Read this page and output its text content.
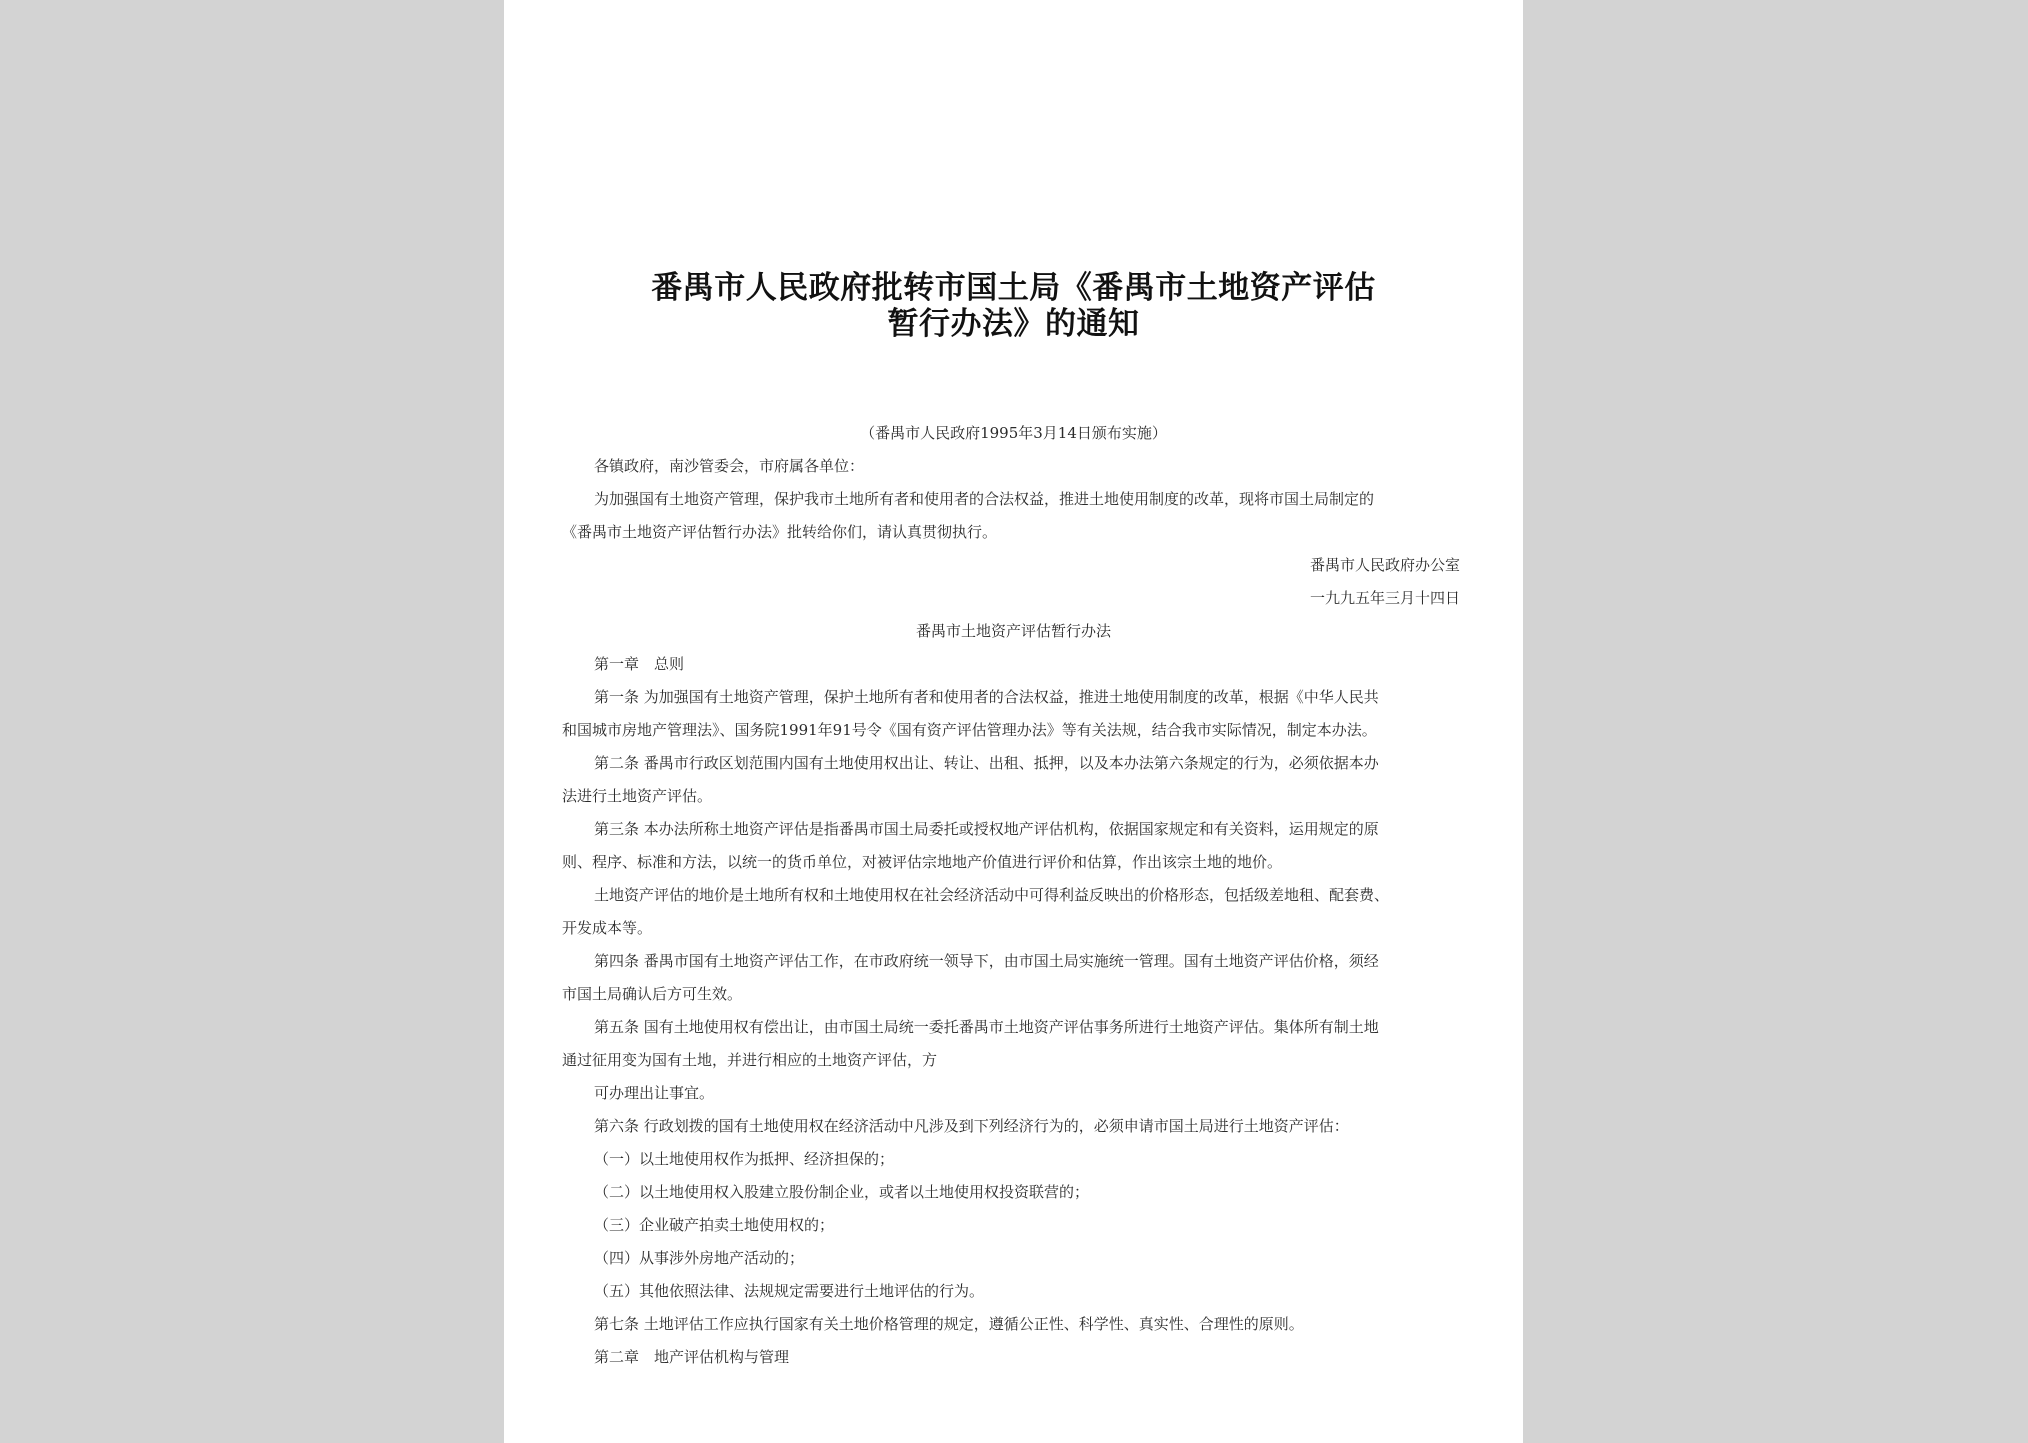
番禺市人民政府批转市国土局《番禺市土地资产评估
暂行办法》的通知
（番禺市人民政府1995年3月14日颁布实施）
各镇政府，南沙管委会，市府属各单位：
为加强国有土地资产管理，保护我市土地所有者和使用者的合法权益，推进土地使用制度的改革，现将市国土局制定的
《番禺市土地资产评估暂行办法》批转给你们，请认真贯彻执行。
番禺市人民政府办公室
一九九五年三月十四日
番禺市土地资产评估暂行办法
第一章　总则
第一条 为加强国有土地资产管理，保护土地所有者和使用者的合法权益，推进土地使用制度的改革，根据《中华人民共
和国城市房地产管理法》、国务院1991年91号令《国有资产评估管理办法》等有关法规，结合我市实际情况，制定本办法。
第二条 番禺市行政区划范围内国有土地使用权出让、转让、出租、抵押，以及本办法第六条规定的行为，必须依据本办
法进行土地资产评估。
第三条 本办法所称土地资产评估是指番禺市国土局委托或授权地产评估机构，依据国家规定和有关资料，运用规定的原
则、程序、标准和方法，以统一的货币单位，对被评估宗地地产价值进行评价和估算，作出该宗土地的地价。
土地资产评估的地价是土地所有权和土地使用权在社会经济活动中可得利益反映出的价格形态，包括级差地租、配套费、
开发成本等。
第四条 番禺市国有土地资产评估工作，在市政府统一领导下，由市国土局实施统一管理。国有土地资产评估价格，须经
市国土局确认后方可生效。
第五条 国有土地使用权有偿出让，由市国土局统一委托番禺市土地资产评估事务所进行土地资产评估。集体所有制土地
通过征用变为国有土地，并进行相应的土地资产评估，方
可办理出让事宜。
第六条 行政划拨的国有土地使用权在经济活动中凡涉及到下列经济行为的，必须申请市国土局进行土地资产评估：
（一）以土地使用权作为抵押、经济担保的；
（二）以土地使用权入股建立股份制企业，或者以土地使用权投资联营的；
（三）企业破产拍卖土地使用权的；
（四）从事涉外房地产活动的；
（五）其他依照法律、法规规定需要进行土地评估的行为。
第七条 土地评估工作应执行国家有关土地价格管理的规定，遵循公正性、科学性、真实性、合理性的原则。
第二章　地产评估机构与管理
